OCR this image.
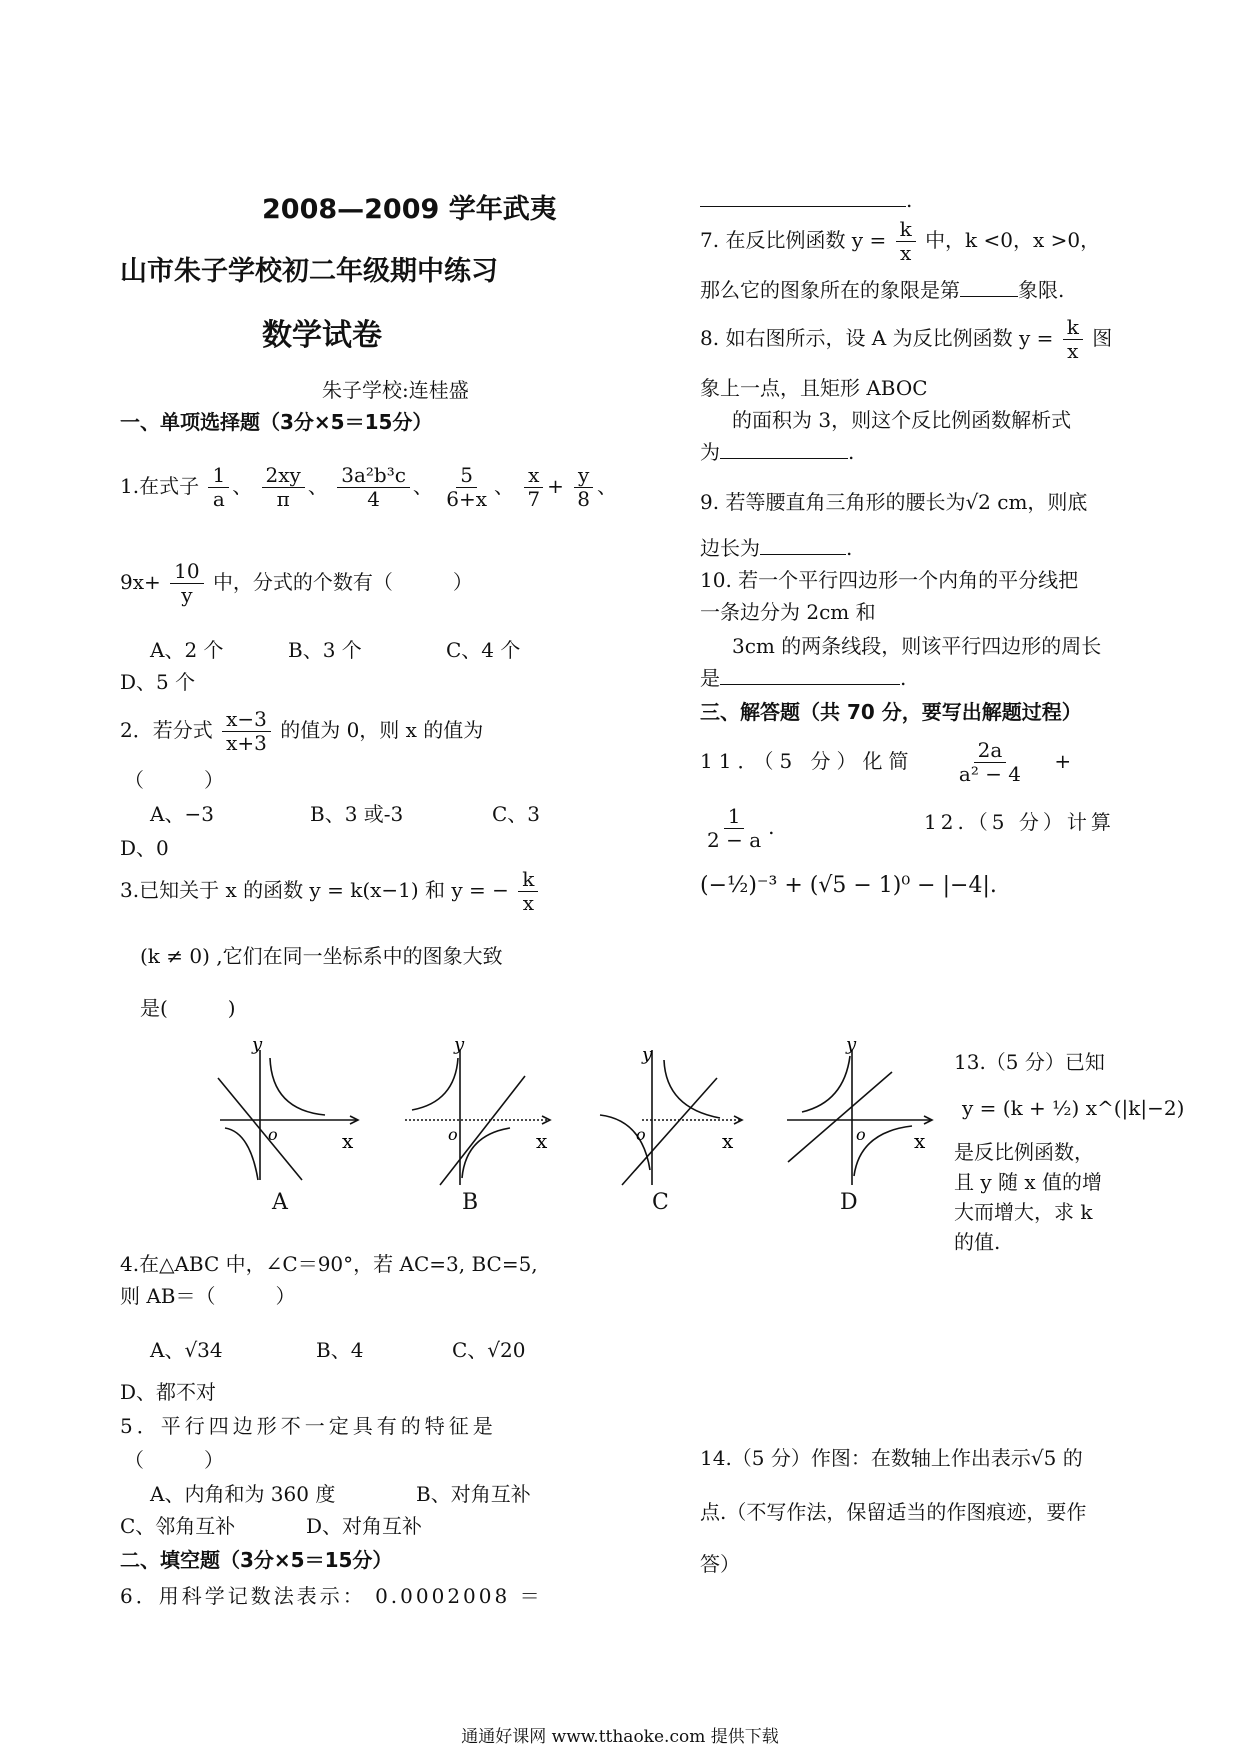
2008—2009 学年武夷
山市朱子学校初二年级期中练习
数学试卷
朱子学校:连桂盛
一、单项选择题（3分×5＝15分）
1.在式子 $\frac{1}{a}$ 、 $\frac{2xy}{\pi}$ 、 $\frac{\text{3a²b³c}}{4}$ 、 $\frac{5}{6+x}$ 、 $\frac{x}{7} + \frac{y}{8}$ 、
$9x+ \frac{10}{y}$ 中，分式的个数有（　　　）
A、2 个	B、3 个	C、4 个
D、5 个
2．若分式 $\frac{x-3}{x+3}$ 的值为 0，则 x 的值为
（　　　）
A、−3	B、3 或-3	C、3
D、0
3.已知关于 x 的函数 y = k(x−1) 和 y = − $\frac{k}{x}$
(k ≠ 0) ,它们在同一坐标系中的图象大致
是(　　　)
y
o	x
y
o	x
y
o	x
y
o x
A	B	C	D
4.在△ABC 中，∠C＝90°，若 AC=3, BC=5,
则 AB＝（　　　）
A、√34	B、4	C、√20
D、都不对
5．平行四边形不一定具有的特征是
（　　　）
A、内角和为 360 度	B、对角互补
C、邻角互补	D、对角互补
二、填空题（3分×5＝15分）
6．用科学记数法表示： 0.0002008 ＝
.
7. 在反比例函数 $y = \frac{k}{x}$ 中，k <0，x >0，
那么它的图象所在的象限是第	象限.
8. 如右图所示，设 A 为反比例函数 $y = \frac{k}{x}$ 图
象上一点，且矩形 ABOC
的面积为 3，则这个反比例函数解析式
为	.
9. 若等腰直角三角形的腰长为√2 cm，则底
边长为	.
10. 若一个平行四边形一个内角的平分线把
一条边分为 2cm 和
3cm 的两条线段，则该平行四边形的周长
是	.
三、解答题（共 70 分，要写出解题过程）
11．（5 分）化简 $\frac{2a}{\text{a² − 4}}$ +
$\frac{1}{2 - a}$ .	12.（5 分）计算
(−½)⁻³ + (√5 − 1)⁰ − |−4|.
13.（5 分）已知
y = (k + ½) x^(|k|−2)
是反比例函数，
且 y 随 x 值的增
大而增大，求 k
的值.
14.（5 分）作图：在数轴上作出表示√5 的
点.（不写作法，保留适当的作图痕迹，要作
答）
通通好课网 www.tthaoke.com 提供下载
